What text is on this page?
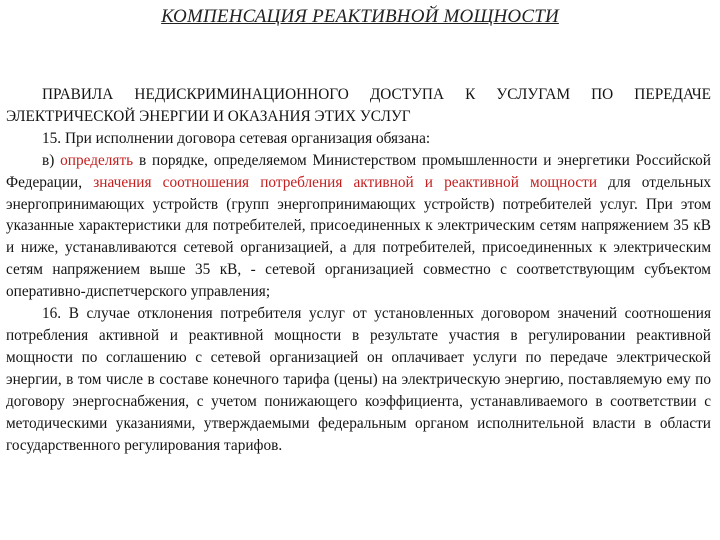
КОМПЕНСАЦИЯ РЕАКТИВНОЙ МОЩНОСТИ

ПРАВИЛА НЕДИСКРИМИНАЦИОННОГО ДОСТУПА К УСЛУГАМ ПО ПЕРЕДАЧЕ ЭЛЕКТРИЧЕСКОЙ ЭНЕРГИИ И ОКАЗАНИЯ ЭТИХ УСЛУГ

15. При исполнении договора сетевая организация обязана:

в) определять в порядке, определяемом Министерством промышленности и энергетики Российской Федерации, значения соотношения потребления активной и реактивной мощности для отдельных энергопринимающих устройств (групп энергопринимающих устройств) потребителей услуг. При этом указанные характеристики для потребителей, присоединенных к электрическим сетям напряжением 35 кВ и ниже, устанавливаются сетевой организацией, а для потребителей, присоединенных к электрическим сетям напряжением выше 35 кВ, - сетевой организацией совместно с соответствующим субъектом оперативно-диспетчерского управления;

16. В случае отклонения потребителя услуг от установленных договором значений соотношения потребления активной и реактивной мощности в результате участия в регулировании реактивной мощности по соглашению с сетевой организацией он оплачивает услуги по передаче электрической энергии, в том числе в составе конечного тарифа (цены) на электрическую энергию, поставляемую ему по договору энергоснабжения, с учетом понижающего коэффициента, устанавливаемого в соответствии с методическими указаниями, утверждаемыми федеральным органом исполнительной власти в области государственного регулирования тарифов.
